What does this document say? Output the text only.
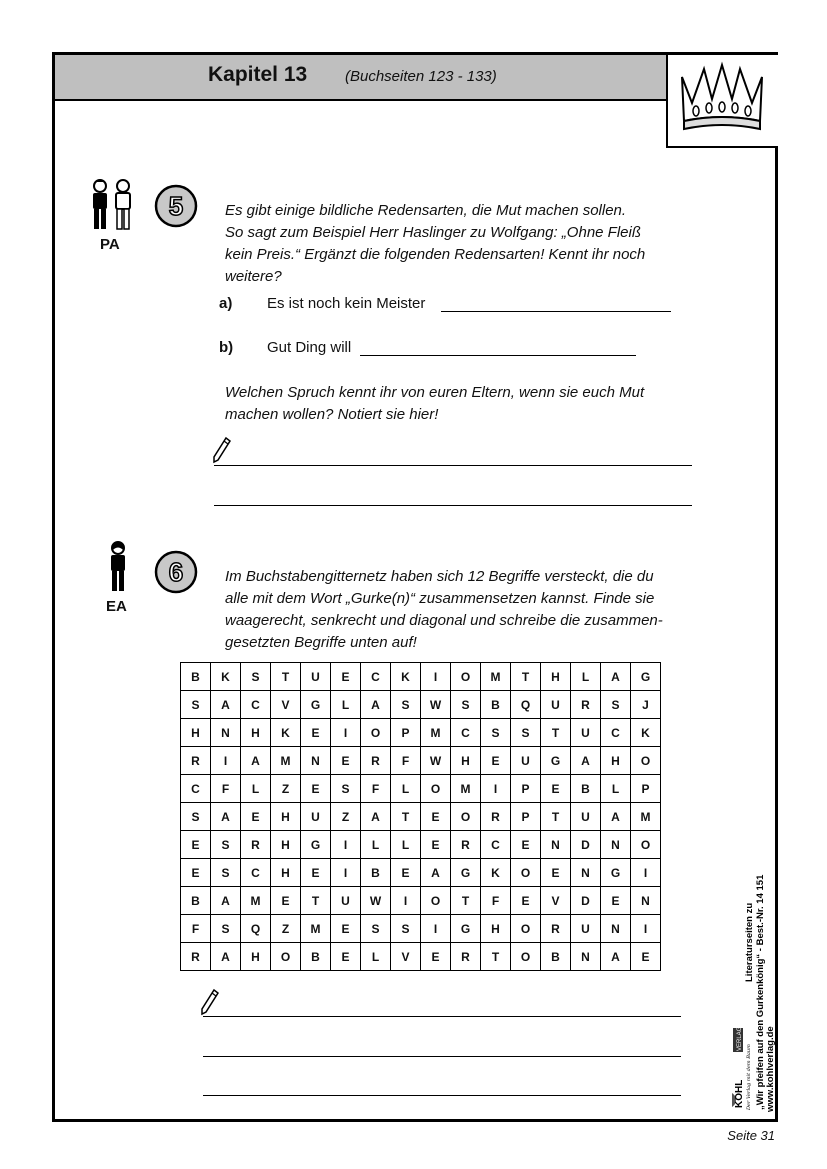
Kapitel 13	(Buchseiten 123 - 133)
PA
5	Es gibt einige bildliche Redensarten, die Mut machen sollen.
So sagt zum Beispiel Herr Haslinger zu Wolfgang: „Ohne Fleiß
kein Preis.“ Ergänzt die folgenden Redensarten! Kennt ihr noch
weitere?
a) Es ist noch kein Meister
b) Gut Ding will
Welchen Spruch kennt ihr von euren Eltern, wenn sie euch Mut
machen wollen? Notiert sie hier!
EA
6	Im Buchstabengitternetz haben sich 12 Begriffe versteckt, die du
alle mit dem Wort „Gurke(n)“ zusammensetzen kannst. Finde sie
waagerecht, senkrecht und diagonal und schreibe die zusammen-
gesetzten Begriffe unten auf!
B	K	S	T	U	E	C	K	I	O	M	T	H	L	A	G
S	A	C	V	G	L	A	S	W	S	B	Q	U	R	S	J
H	N	H	K	E	I	O	P	M	C	S	S	T	U	C	K
R	I	A	M	N	E	R	F	W	H	E	U	G	A	H	O
C	F	L	Z	E	S	F	L	O	M	I	P	E	B	L	P
S	A	E	H	U	Z	A	T	E	O	R	P	T	U	A	M
E	S	R	H	G	I	L	L	E	R	C	E	N	D	N	O
E	S	C	H	E	I	B	E	A	G	K	O	E	N	G	I
B	A	M	E	T	U	W	I	O	T	F	E	V	D	E	N
F	S	Q	Z	M	E	S	S	I	G	H	O	R	U	N	I
R	A	H	O	B	E	L	V	E	R	T	O	B	N	A	E	Literaturseiten zu „Wir pfeifen auf den Gurkenkönig“ - Best.-Nr. 14 151
KOHL
VERLAG
Der Verlag mit dem Baum www.kohlverlag.de
Seite 31
